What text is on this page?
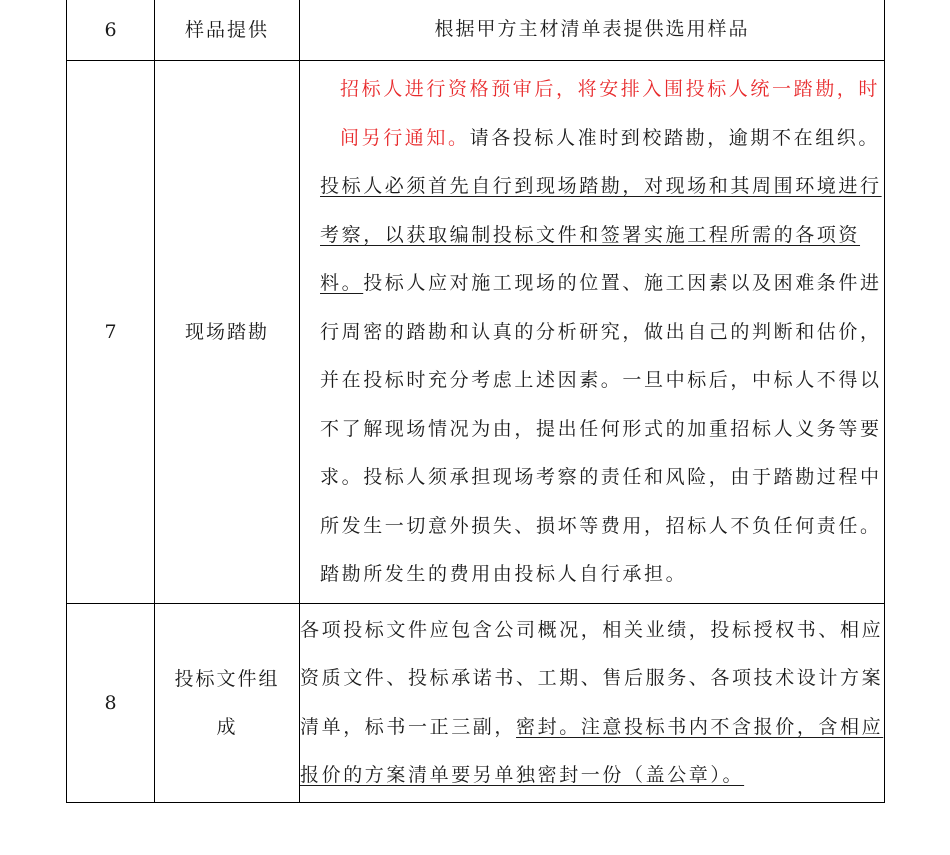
6	样品提供	根据甲方主材清单表提供选用样品
7	现场踏勘	招标人进行资格预审后，将安排入围投标人统一踏勘，时间另行通知。请各投标人准时到校踏勘，逾期不在组织。

投标人必须首先自行到现场踏勘，对现场和其周围环境进行考察，以获取编制投标文件和签署实施工程所需的各项资料。投标人应对施工现场的位置、施工因素以及困难条件进行周密的踏勘和认真的分析研究，做出自己的判断和估价，并在投标时充分考虑上述因素。一旦中标后，中标人不得以不了解现场情况为由，提出任何形式的加重招标人义务等要求。投标人须承担现场考察的责任和风险，由于踏勘过程中所发生一切意外损失、损坏等费用，招标人不负任何责任。踏勘所发生的费用由投标人自行承担。

8	投标文件组成	各项投标文件应包含公司概况，相关业绩，投标授权书、相应资质文件、投标承诺书、工期、售后服务、各项技术设计方案清单，标书一正三副，密封。注意投标书内不含报价，含相应报价的方案清单要另单独密封一份（盖公章）。
